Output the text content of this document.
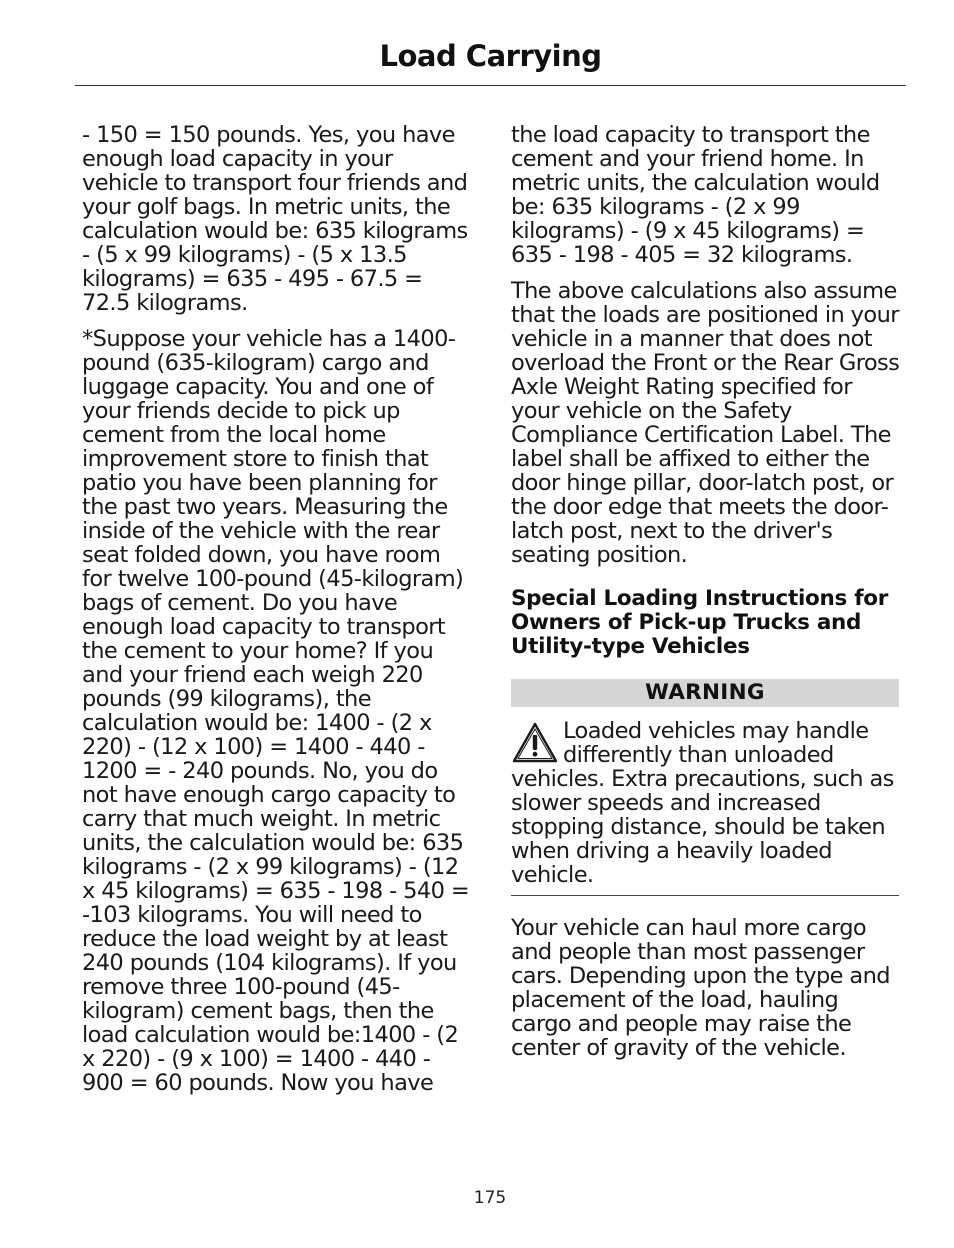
Load Carrying

- 150 = 150 pounds. Yes, you have enough load capacity in your vehicle to transport four friends and your golf bags. In metric units, the calculation would be: 635 kilograms - (5 x 99 kilograms) - (5 x 13.5 kilograms) = 635 - 495 - 67.5 = 72.5 kilograms.

*Suppose your vehicle has a 1400-pound (635-kilogram) cargo and luggage capacity. You and one of your friends decide to pick up cement from the local home improvement store to finish that patio you have been planning for the past two years. Measuring the inside of the vehicle with the rear seat folded down, you have room for twelve 100-pound (45-kilogram) bags of cement. Do you have enough load capacity to transport the cement to your home? If you and your friend each weigh 220 pounds (99 kilograms), the calculation would be: 1400 - (2 x 220) - (12 x 100) = 1400 - 440 - 1200 = - 240 pounds. No, you do not have enough cargo capacity to carry that much weight. In metric units, the calculation would be: 635 kilograms - (2 x 99 kilograms) - (12 x 45 kilograms) = 635 - 198 - 540 = -103 kilograms. You will need to reduce the load weight by at least 240 pounds (104 kilograms). If you remove three 100-pound (45-kilogram) cement bags, then the load calculation would be:1400 - (2 x 220) - (9 x 100) = 1400 - 440 - 900 = 60 pounds. Now you have

the load capacity to transport the cement and your friend home. In metric units, the calculation would be: 635 kilograms - (2 x 99 kilograms) - (9 x 45 kilograms) = 635 - 198 - 405 = 32 kilograms.

The above calculations also assume that the loads are positioned in your vehicle in a manner that does not overload the Front or the Rear Gross Axle Weight Rating specified for your vehicle on the Safety Compliance Certification Label. The label shall be affixed to either the door hinge pillar, door-latch post, or the door edge that meets the door-latch post, next to the driver's seating position.

Special Loading Instructions for Owners of Pick-up Trucks and Utility-type Vehicles
WARNING

Loaded vehicles may handle differently than unloaded vehicles. Extra precautions, such as slower speeds and increased stopping distance, should be taken when driving a heavily loaded vehicle.

Your vehicle can haul more cargo and people than most passenger cars. Depending upon the type and placement of the load, hauling cargo and people may raise the center of gravity of the vehicle.

175
